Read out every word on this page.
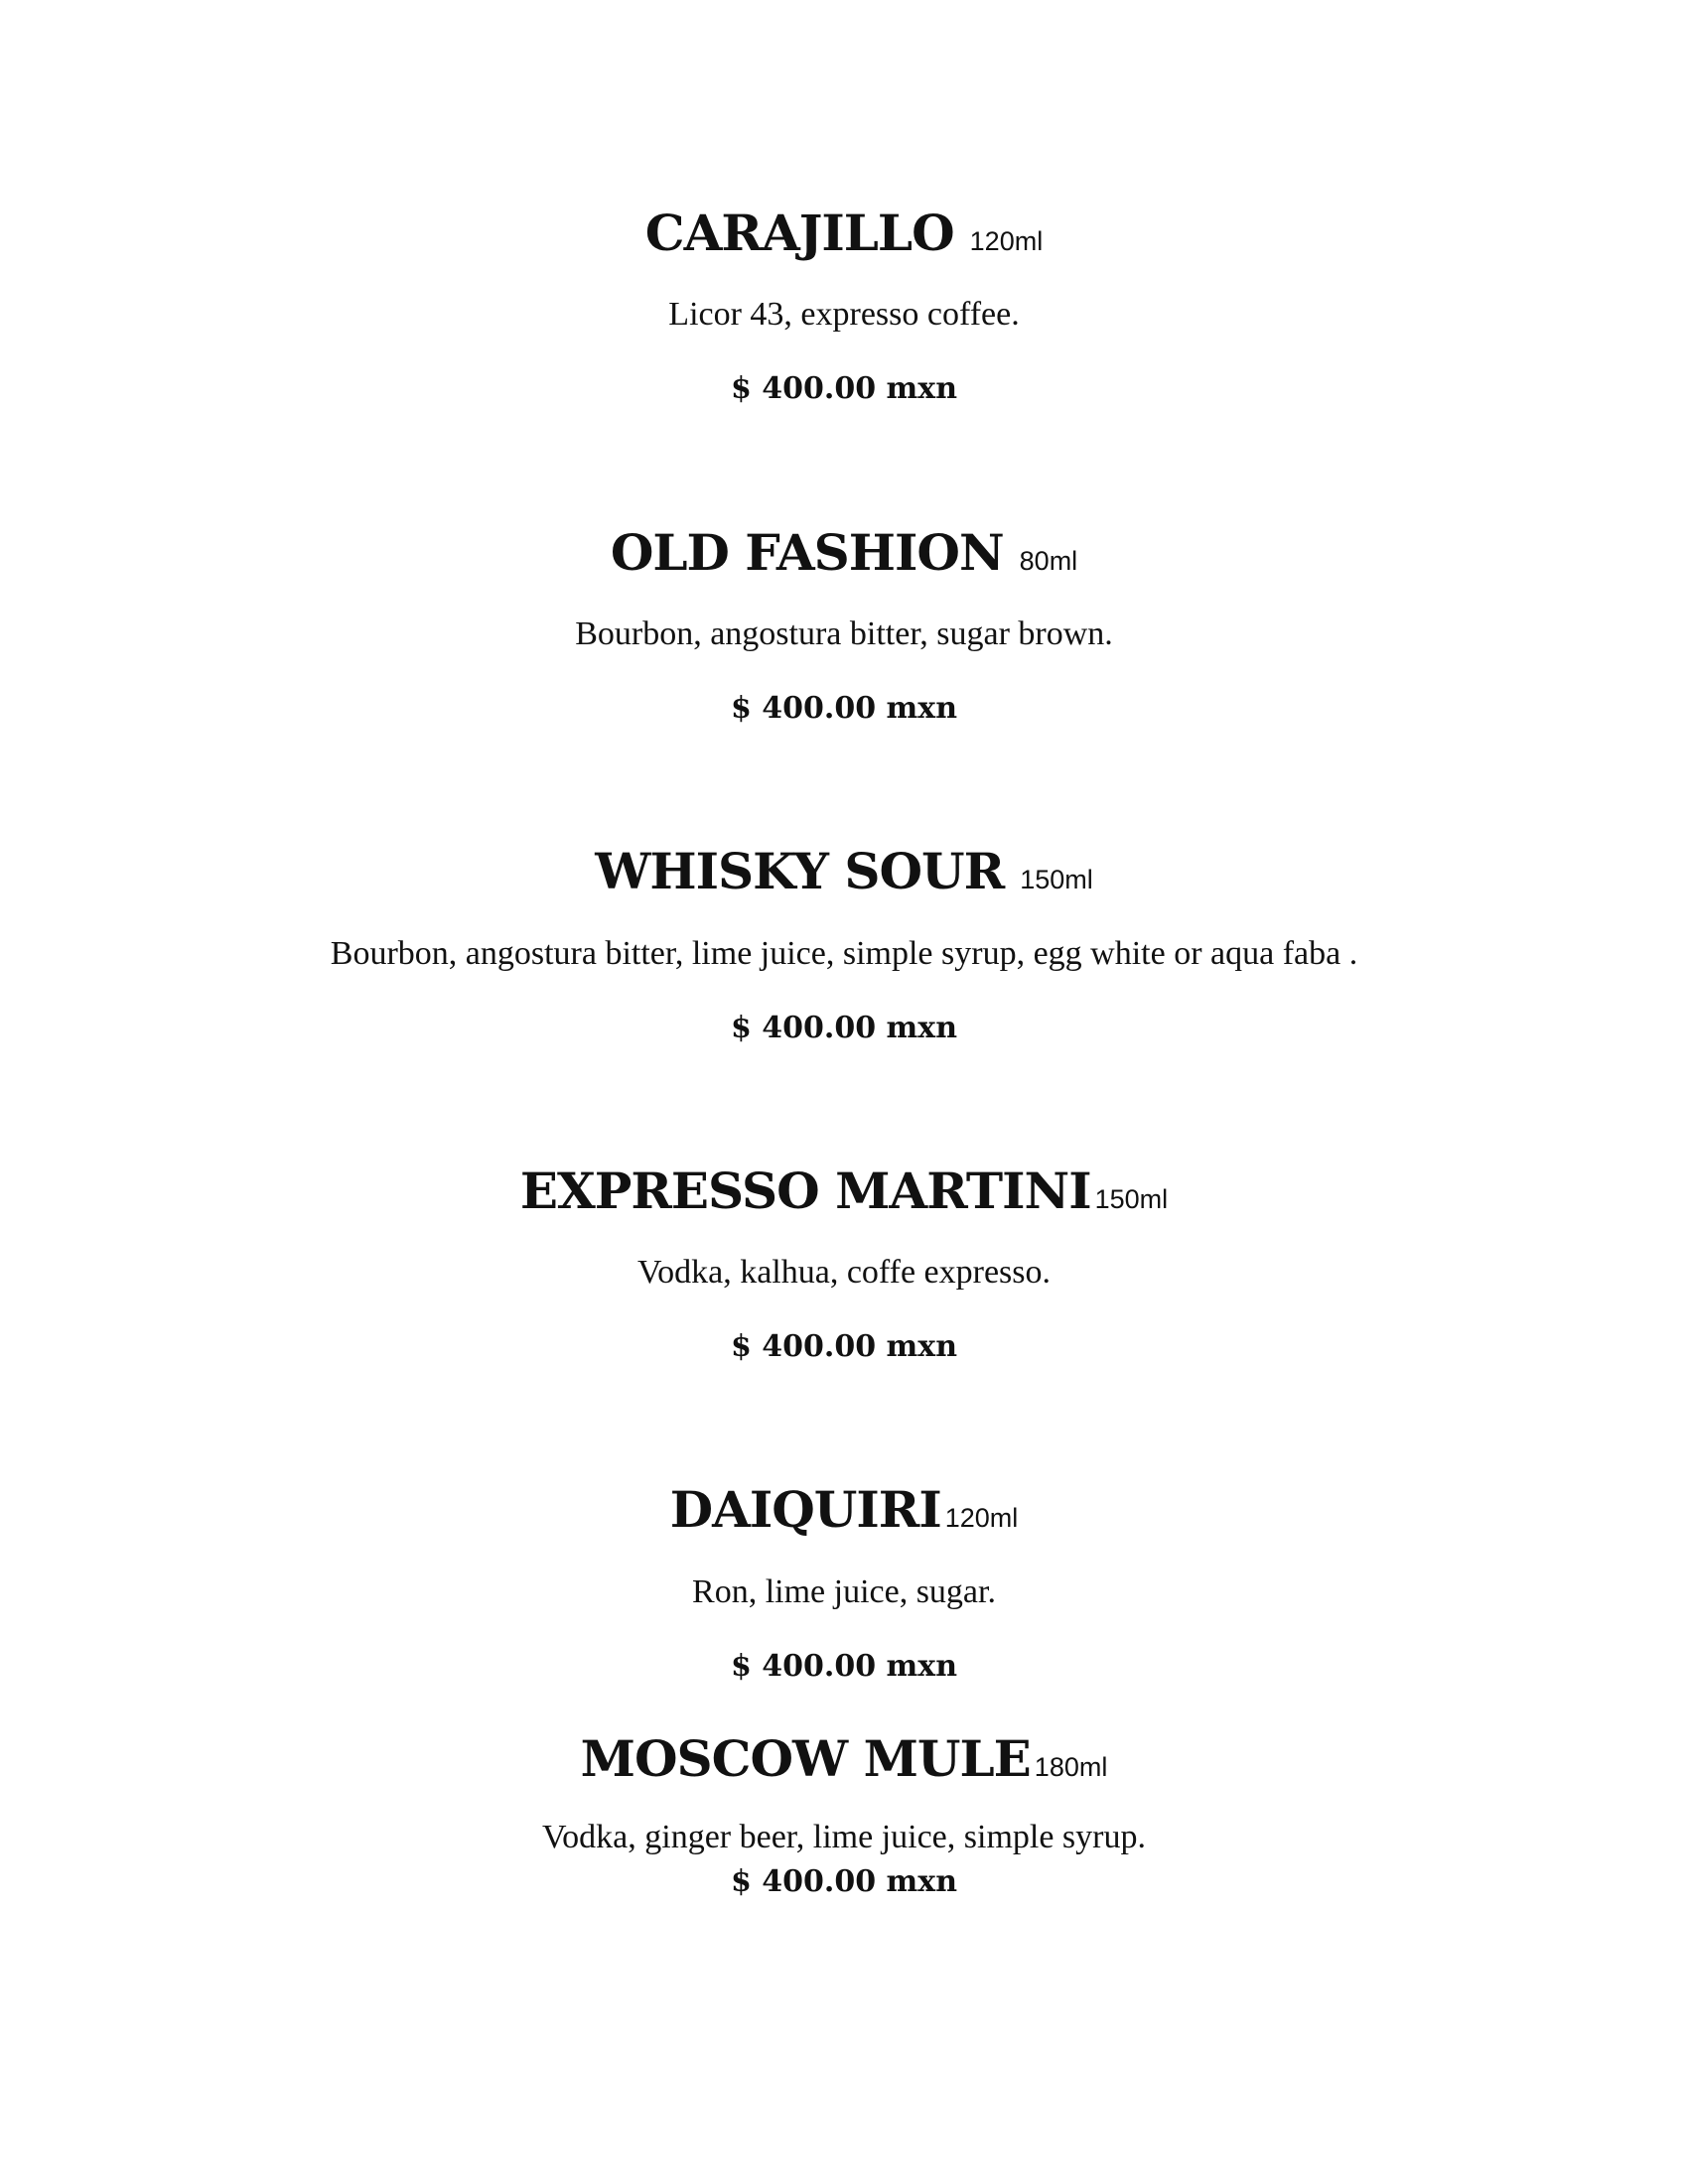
CARAJILLO 120ml
Licor 43, expresso coffee.
$ 400.00 mxn
OLD FASHION 80ml
Bourbon, angostura bitter, sugar brown.
$ 400.00 mxn
WHISKY SOUR 150ml
Bourbon, angostura bitter, lime juice, simple syrup, egg white or aqua faba .
$ 400.00 mxn
EXPRESSO MARTINI 150ml
Vodka, kalhua, coffe expresso.
$ 400.00 mxn
DAIQUIRI 120ml
Ron, lime juice, sugar.
$ 400.00 mxn
MOSCOW MULE 180ml
Vodka, ginger beer, lime juice, simple syrup.
$ 400.00 mxn
